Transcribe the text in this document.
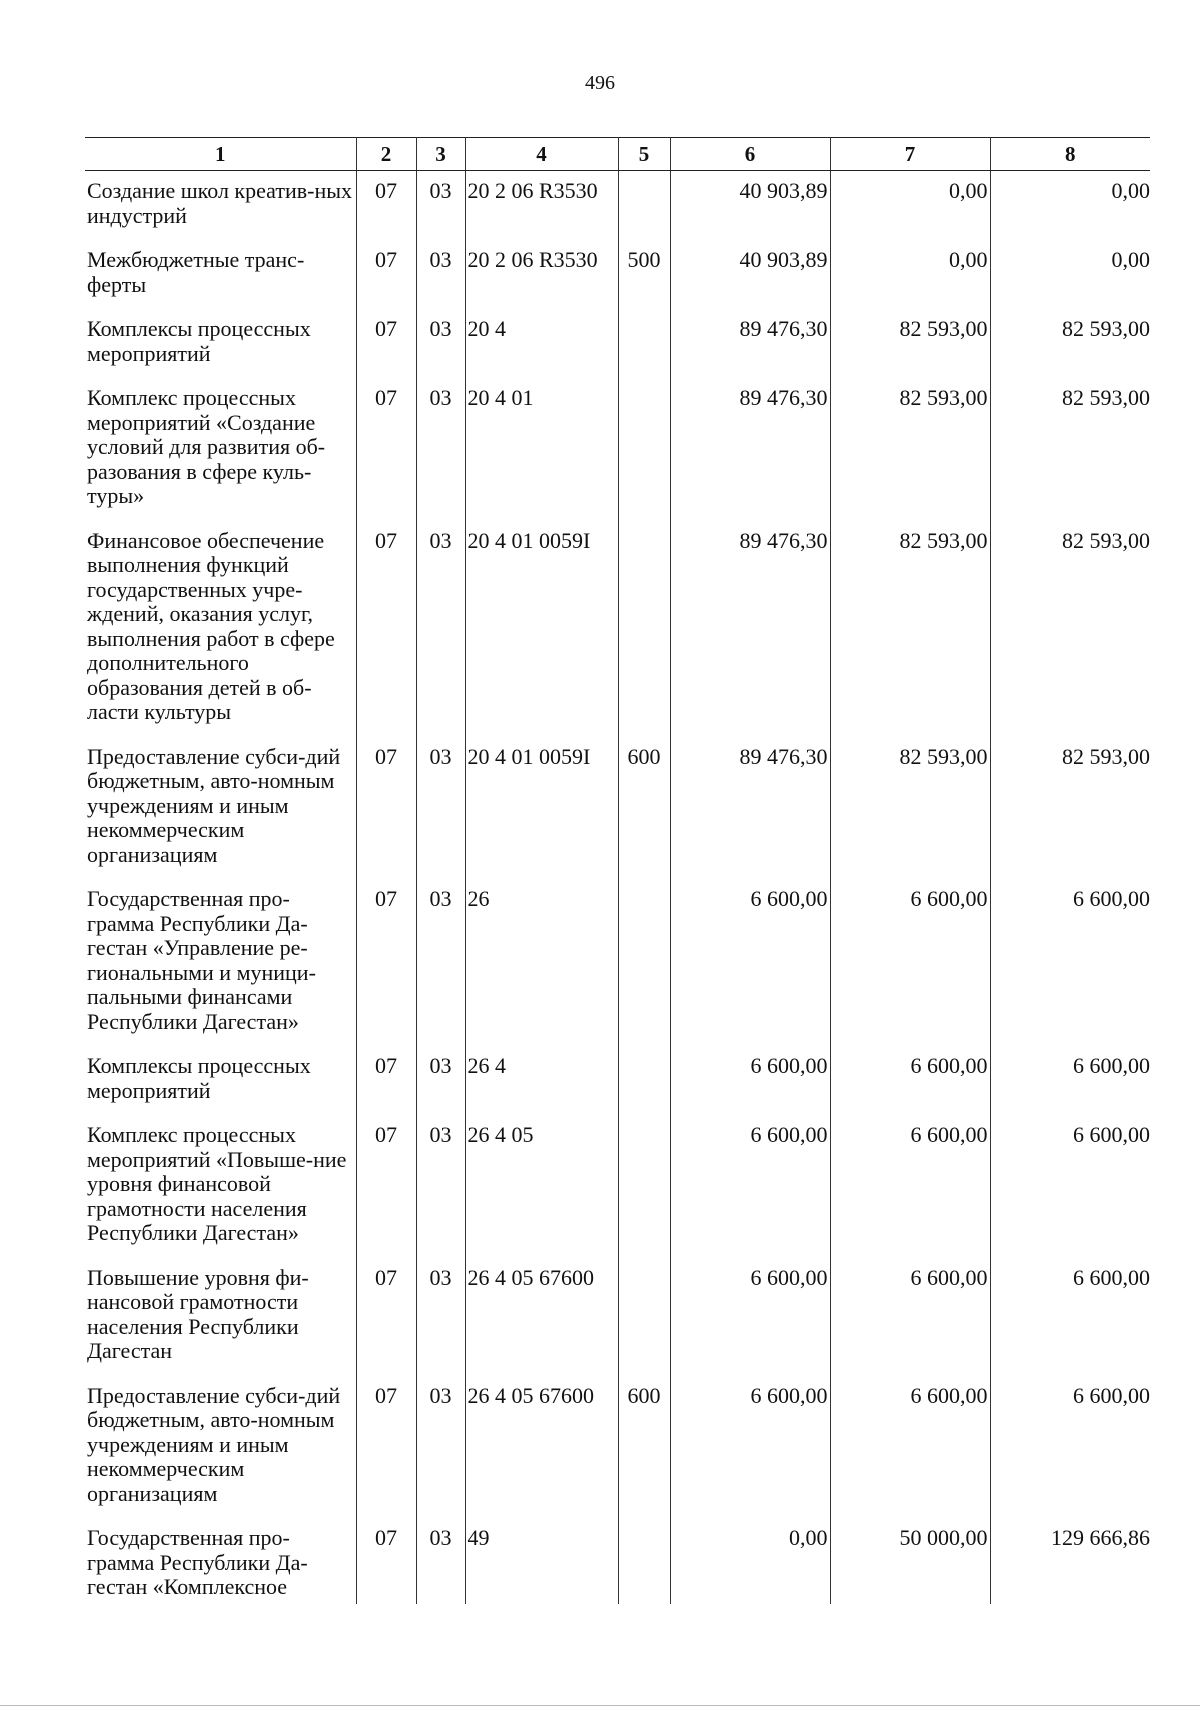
496
1	2	3	4	5	6	7	8
Создание школ креатив-ных индустрий	07	03	20 2 06 R3530		40 903,89	0,00	0,00
Межбюджетные транс-ферты	07	03	20 2 06 R3530	500	40 903,89	0,00	0,00
Комплексы процессных мероприятий	07	03	20 4		89 476,30	82 593,00	82 593,00
Комплекс процессных мероприятий «Создание условий для развития об-разования в сфере куль-туры»	07	03	20 4 01		89 476,30	82 593,00	82 593,00
Финансовое обеспечение выполнения функций государственных учре-ждений, оказания услуг, выполнения работ в сфере дополнительного образования детей в об-ласти культуры	07	03	20 4 01 0059I		89 476,30	82 593,00	82 593,00
Предоставление субси-дий бюджетным, авто-номным учреждениям и иным некоммерческим организациям	07	03	20 4 01 0059I	600	89 476,30	82 593,00	82 593,00
Государственная про-грамма Республики Да-гестан «Управление ре-гиональными и муници-пальными финансами Республики Дагестан»	07	03	26		6 600,00	6 600,00	6 600,00
Комплексы процессных мероприятий	07	03	26 4		6 600,00	6 600,00	6 600,00
Комплекс процессных мероприятий «Повыше-ние уровня финансовой грамотности населения Республики Дагестан»	07	03	26 4 05		6 600,00	6 600,00	6 600,00
Повышение уровня фи-нансовой грамотности населения Республики Дагестан	07	03	26 4 05 67600		6 600,00	6 600,00	6 600,00
Предоставление субси-дий бюджетным, авто-номным учреждениям и иным некоммерческим организациям	07	03	26 4 05 67600	600	6 600,00	6 600,00	6 600,00
Государственная про-грамма Республики Да-гестан «Комплексное	07	03	49		0,00	50 000,00	129 666,86
